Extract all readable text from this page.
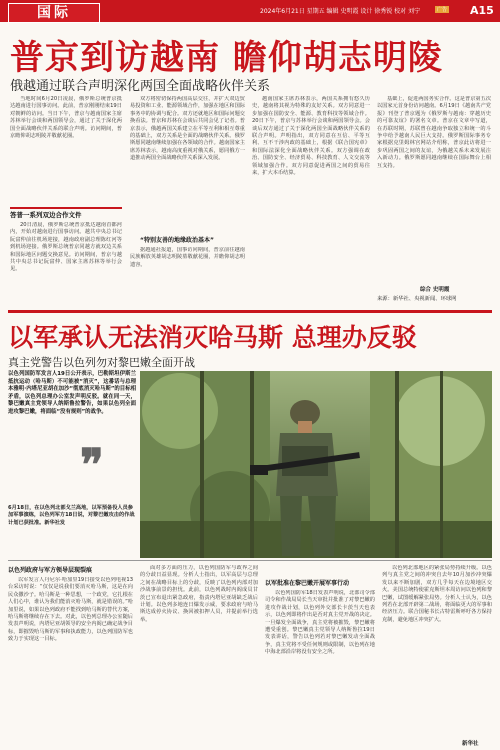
国际	2024年6月21日 星期五 编辑 史明霞 设计 徐秀锐 校对 刘宁	广告 A15
普京到访越南 瞻仰胡志明陵
俄越通过联合声明深化两国全面战略伙伴关系

当地时间6月20日凌晨，俄罗斯总统普京抵达越南进行国事访问。此前，普京刚刚结束19日对朝鲜的访问。当日下午，普京与越南国家主席苏林举行会谈和两国领导会，通过了关于深化两国全面战略伙伴关系的联合声明。访问期间，普京瞻仰胡志明陵并敬献花圈。

答普一系列双边合作文件

20日清晨，俄罗斯总统普京抵达越南首都河内，开始对越南进行国事访问。越共中央总书记阮富仲前往机场迎接，越南政府副总理陈红河等到机场迎接。俄罗斯总统普京同越方就双边关系和国际地区问题交换意见。访问期间，普京与越共中央总书记阮富仲、国家主席苏林等举行会见。

双方将密切保持两国高层交往，并扩大双边贸易投资和工业、能源领域合作，加强在地区和国际事务中的协调与配合。双方还就地区和国际问题交换看法。普京和苏林在会谈后共同会见了记者。普京表示，俄越两国关系建立在平等互利和相互尊重的基础上，双方关系是全面的战略伙伴关系。俄罗斯愿同越南继续加强在各领域的合作。越南国家主席苏林表示，越南高度重视对俄关系，愿同俄方一道推动两国全面战略伙伴关系深入发展。

“特别友善的地缘政治基本”

据越通社报道，国事访问期间，普京前往越南民族解放英雄胡志明陵墓敬献花圈，并瞻仰胡志明遗容。

越南国家主席苏林表示，两国关系拥有悠久历史，越南将其视为特殊的友好关系。双方同意进一步加强在国防安全、能源、教育科技等领域合作。20日下午，普京与苏林举行会谈和两国领导会。会谈后双方通过了关于深化两国全面战略伙伴关系的联合声明。声明指出，双方同意在互信、平等互利、互不干涉内政的基础上，根据《联合国宪章》和国际法深化全面战略伙伴关系。双方强调在政治、国防安全、经济贸易、科技教育、人文交流等领域加强合作。双方同意促进两国之间的贸易往来，扩大本币结算。

基础上，促进两国务实合作。这是普京第五次以国家元首身份访问越南。6月19日《越南共产党报》刊登了普京题为《俄罗斯与越南：穿越历史的可靠友谊》的署名文章。普京在文章中写道，在苏联时期，苏联曾在越南争取独立和统一的斗争中给予越南人民巨大支持。俄罗斯国际事务专家根据克里姆林宫网站介绍称，普京此访将进一步巩固两国之间的友谊，为俄越关系未来发展注入新动力。俄罗斯愿同越南继续在国际舞台上相互支持。

综合 史明霞
来源：新华社、央视新闻、环球网
以军承认无法消灭哈马斯 总理办反驳
真主党警告以色列勿对黎巴嫩全面开战
以色列国防军发言人19日公开表示，巴勒斯坦伊斯兰抵抗运动（哈马斯）不可能被“消灭”，这番话与总理本雅明·内塔尼亚胡在加沙“彻底消灭哈马斯”的目标相矛盾，以色列总理办公室发声明反驳。就在同一天，黎巴嫩真主党领导人纳斯鲁拉警告，如果以色列全面进攻黎巴嫩，将面临“没有规则”的战争。
❞
6月18日，在以色列北部戈兰高地，以军预备役人员参加军事演练，以色列军方18日说，对黎巴嫩攻击的作战计划已获批准。新华社发
以色列政府与军方领导层现裂痕

以军发言人丹尼尔·哈加里19日接受以色列电视13台采访时说：“仅仅是说我们要消灭哈马斯，这是在向民众撒沙子。哈马斯是一种思想，一个政党，它扎根在人们心中，谁认为我们能消灭哈马斯，就是错误的。”哈加里说，如果以色列政府不能找到哈马斯的替代方案，哈马斯将继续存在下去。对此，以色列总理办公室随后发表声明说，内塔尼亚胡领导的安全内阁已确定战争目标，即摧毁哈马斯的军事和执政能力，以色列国防军也致力于实现这一目标。

面对多方面的压力，以色列国防军与政界之间的分歧日益显现。分析人士指出，以军高层与总理之间在战略目标上的分歧，反映了以色列内部对加沙战事前景的担忧。此前，以色列战时内阁成员甘茨已宣布退出紧急政府，指责内塔尼亚胡缺乏战后计划。以色列多地连日爆发示威，要求政府与哈马斯达成停火协议、换回被扣押人员，并提前举行选举。

以军批准在黎巴嫩开展军事行动

以色列国防军18日发表声明说，北部司令部司令和作战局局长当天审批并批准了对黎巴嫩的进攻作战计划，以色列外交部长卡茨当天也表示，以色列即将作出是否对真主党开战的决定。一旦爆发全面战争，真主党将被摧毁，黎巴嫩将遭受重创。黎巴嫩真主党领导人纳斯鲁拉19日发表讲话，警告以色列若对黎巴嫩发动全面战争，真主党将不受任何规则或限制，以色列在地中海北部沿岸将没有安全之所。

以色列北部地区的紧张局势持续升级。以色列与真主党之间的冲突自去年10月加沙冲突爆发以来不断加剧，双方几乎每天在边境地区交火。美国总统特使霍克斯坦本周访问以色列和黎巴嫩，试图缓解紧张局势。分析人士认为，以色列若在北部开辟第二战场，将面临更大的军事和经济压力。联合国秘书长古特雷斯呼吁各方保持克制，避免地区冲突扩大。

新华社
